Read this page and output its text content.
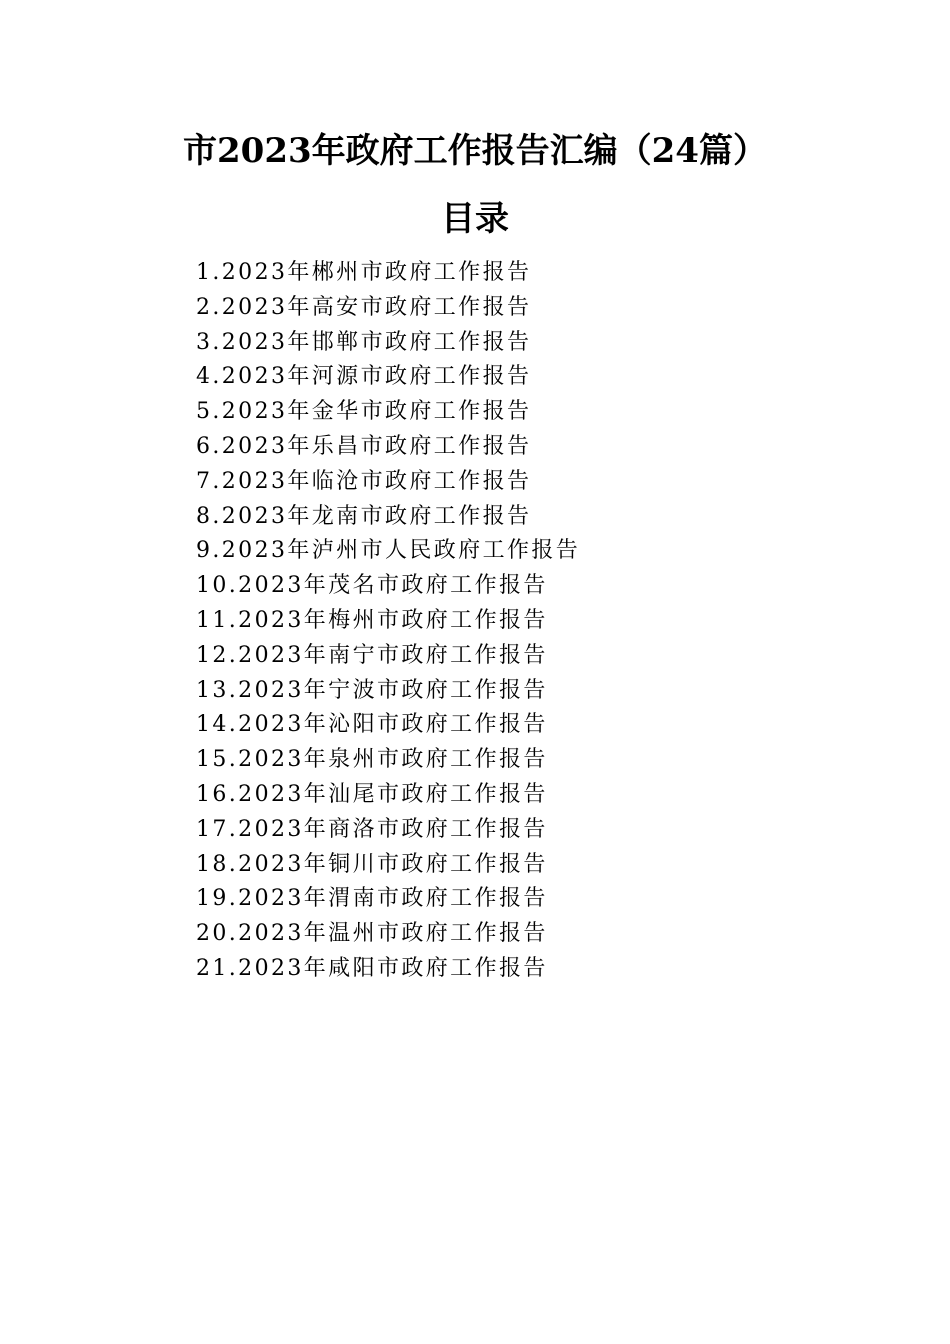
市2023年政府工作报告汇编（24篇）
目录
1.2023年郴州市政府工作报告
2.2023年高安市政府工作报告
3.2023年邯郸市政府工作报告
4.2023年河源市政府工作报告
5.2023年金华市政府工作报告
6.2023年乐昌市政府工作报告
7.2023年临沧市政府工作报告
8.2023年龙南市政府工作报告
9.2023年泸州市人民政府工作报告
10.2023年茂名市政府工作报告
11.2023年梅州市政府工作报告
12.2023年南宁市政府工作报告
13.2023年宁波市政府工作报告
14.2023年沁阳市政府工作报告
15.2023年泉州市政府工作报告
16.2023年汕尾市政府工作报告
17.2023年商洛市政府工作报告
18.2023年铜川市政府工作报告
19.2023年渭南市政府工作报告
20.2023年温州市政府工作报告
21.2023年咸阳市政府工作报告
